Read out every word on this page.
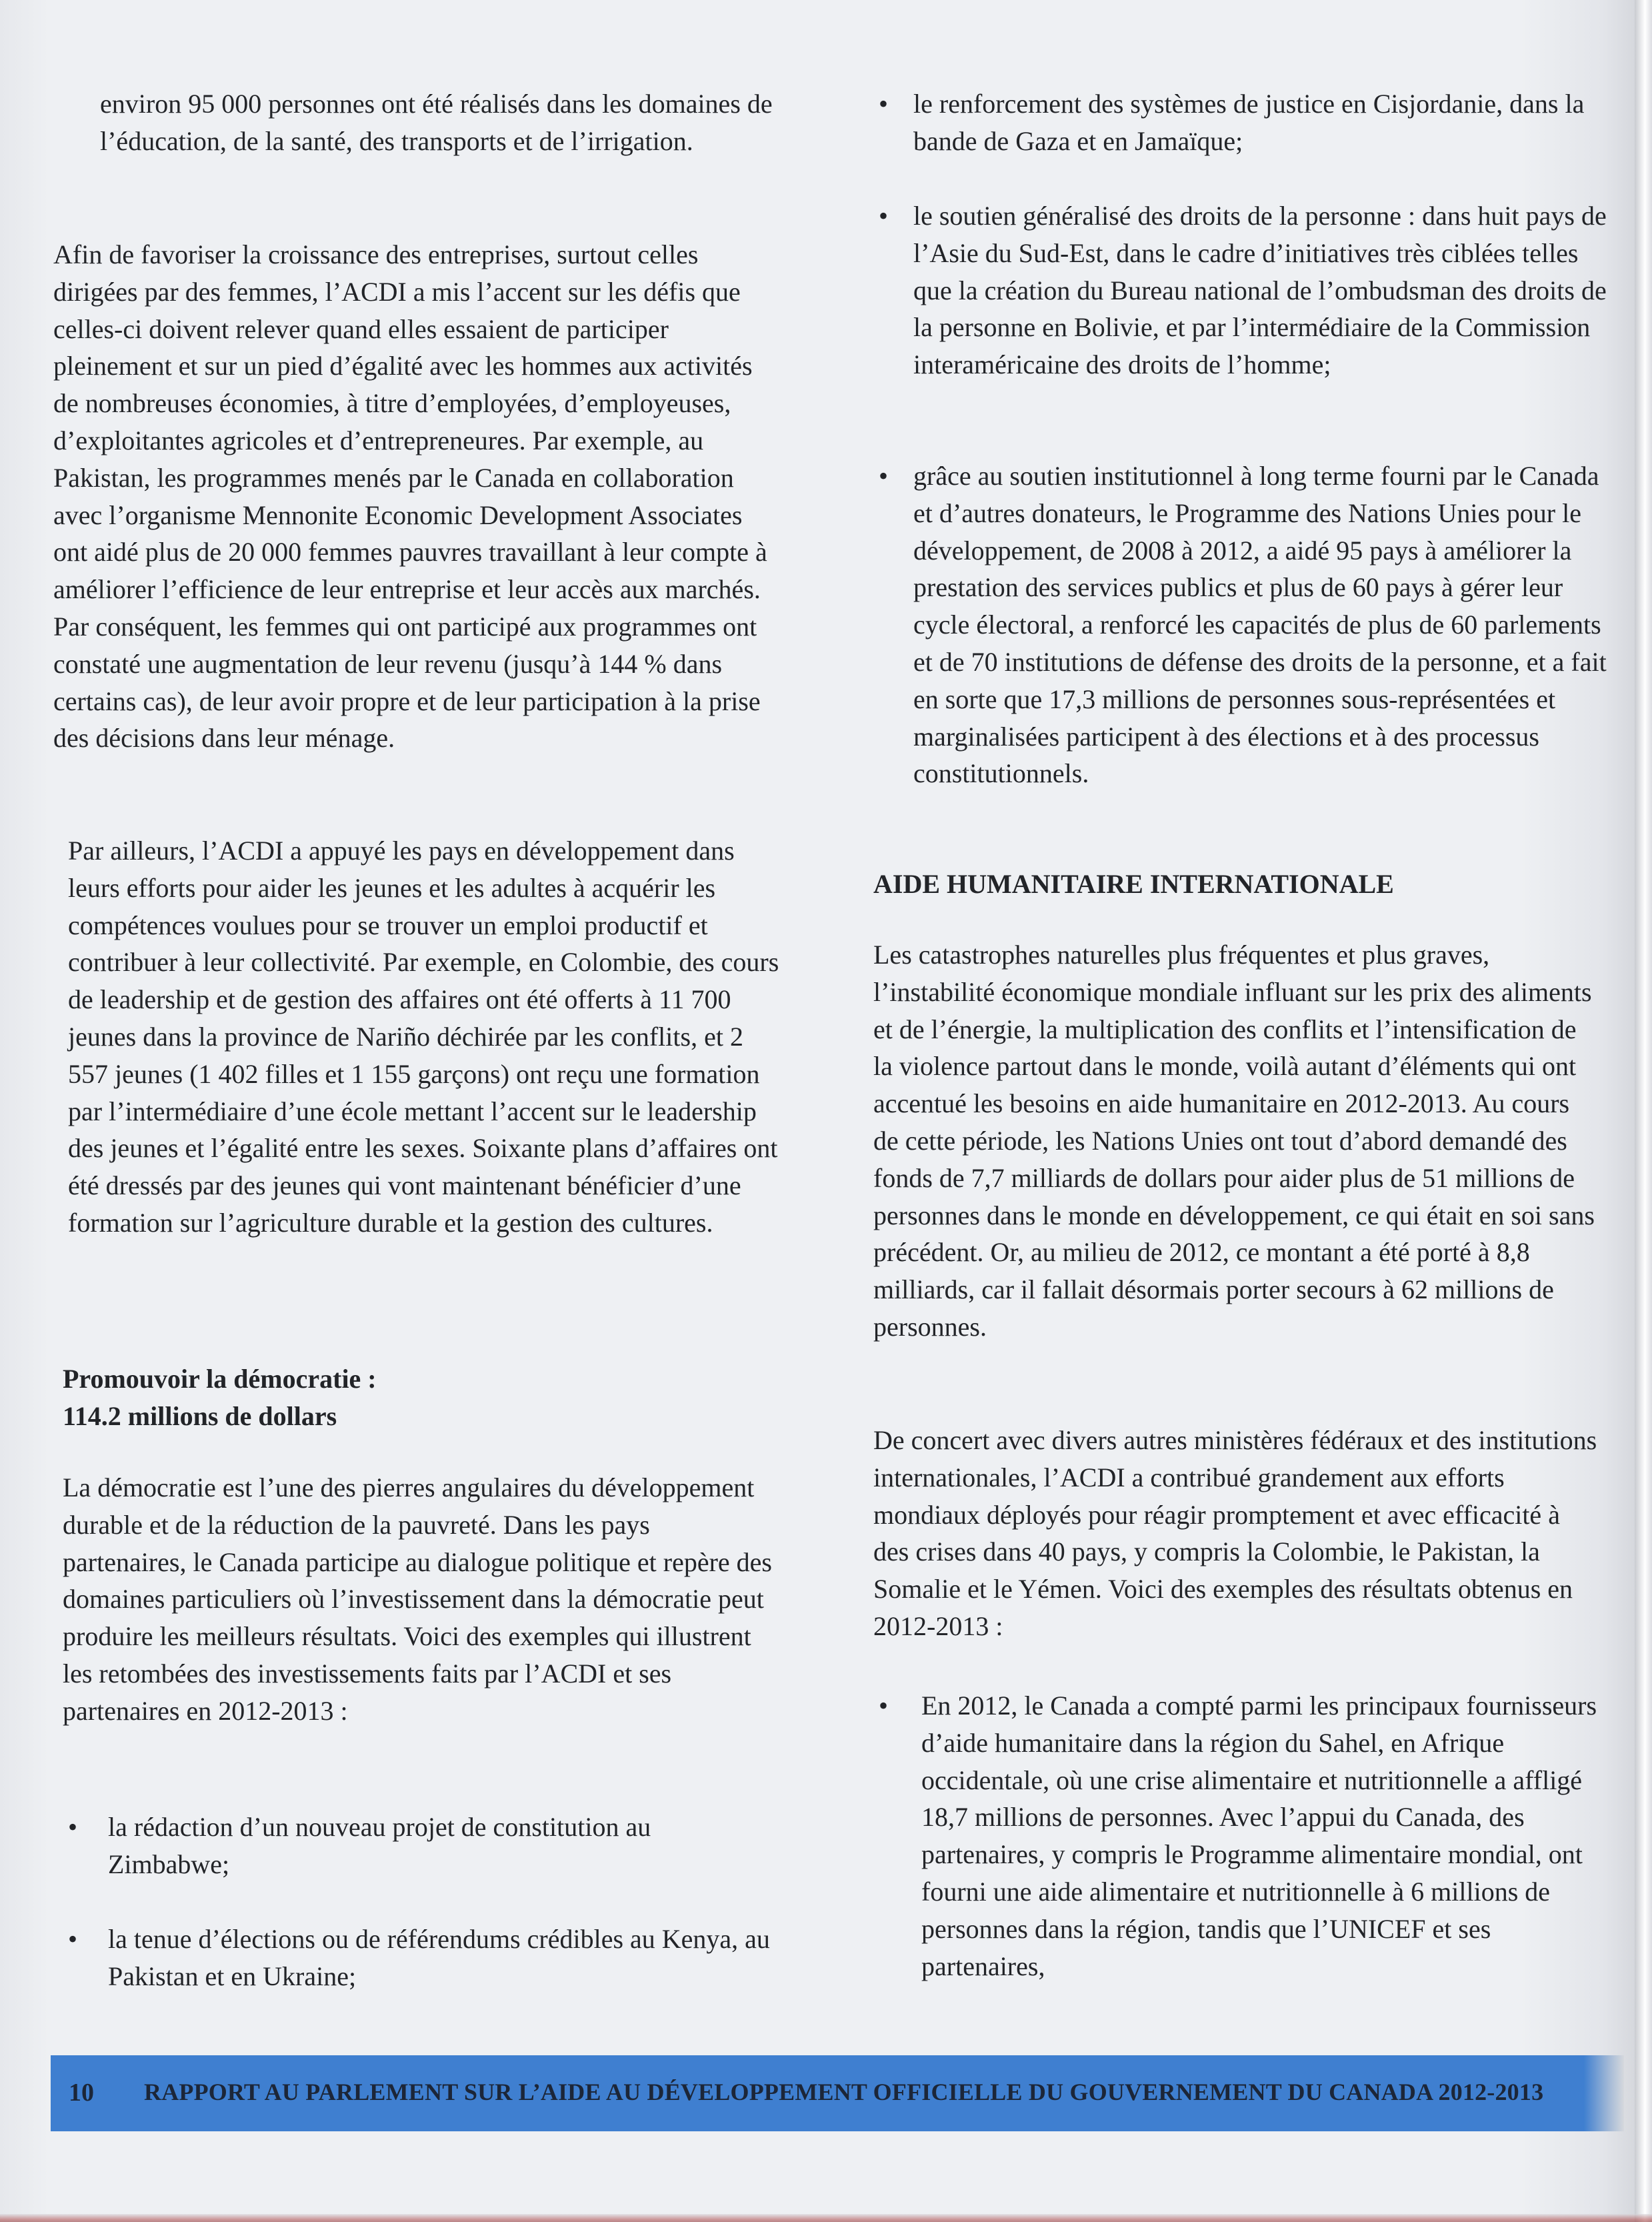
environ 95 000 personnes ont été réalisés dans les domaines de l’éducation, de la santé, des transports et de l’irrigation.

Afin de favoriser la croissance des entreprises, surtout celles dirigées par des femmes, l’ACDI a mis l’accent sur les défis que celles-ci doivent relever quand elles essaient de participer pleinement et sur un pied d’égalité avec les hommes aux activités de nombreuses économies, à titre d’employées, d’employeuses, d’exploitantes agricoles et d’entrepreneures. Par exemple, au Pakistan, les programmes menés par le Canada en collaboration avec l’organisme Mennonite Economic Development Associates ont aidé plus de 20 000 femmes pauvres travaillant à leur compte à améliorer l’efficience de leur entreprise et leur accès aux marchés. Par conséquent, les femmes qui ont participé aux programmes ont constaté une augmentation de leur revenu (jusqu’à 144 % dans certains cas), de leur avoir propre et de leur participation à la prise des décisions dans leur ménage.

Par ailleurs, l’ACDI a appuyé les pays en développement dans leurs efforts pour aider les jeunes et les adultes à acquérir les compétences voulues pour se trouver un emploi productif et contribuer à leur collectivité. Par exemple, en Colombie, des cours de leadership et de gestion des affaires ont été offerts à 11 700 jeunes dans la province de Nariño déchirée par les conflits, et 2 557 jeunes (1 402 filles et 1 155 garçons) ont reçu une formation par l’intermédiaire d’une école mettant l’accent sur le leadership des jeunes et l’égalité entre les sexes. Soixante plans d’affaires ont été dressés par des jeunes qui vont maintenant bénéficier d’une formation sur l’agriculture durable et la gestion des cultures.

Promouvoir la démocratie :

114.2 millions de dollars

La démocratie est l’une des pierres angulaires du développement durable et de la réduction de la pauvreté. Dans les pays partenaires, le Canada participe au dialogue politique et repère des domaines particuliers où l’investissement dans la démocratie peut produire les meilleurs résultats. Voici des exemples qui illustrent les retombées des investissements faits par l’ACDI et ses partenaires en 2012-2013 :

• la rédaction d’un nouveau projet de constitution au Zimbabwe;
• la tenue d’élections ou de référendums crédibles au Kenya, au Pakistan et en Ukraine;
• le renforcement des systèmes de justice en Cisjordanie, dans la bande de Gaza et en Jamaïque;
• le soutien généralisé des droits de la personne : dans huit pays de l’Asie du Sud-Est, dans le cadre d’initiatives très ciblées telles que la création du Bureau national de l’ombudsman des droits de la personne en Bolivie, et par l’intermédiaire de la Commission interaméricaine des droits de l’homme;
• grâce au soutien institutionnel à long terme fourni par le Canada et d’autres donateurs, le Programme des Nations Unies pour le développement, de 2008 à 2012, a aidé 95 pays à améliorer la prestation des services publics et plus de 60 pays à gérer leur cycle électoral, a renforcé les capacités de plus de 60 parlements et de 70 institutions de défense des droits de la personne, et a fait en sorte que 17,3 millions de personnes sous-représentées et marginalisées participent à des élections et à des processus constitutionnels.

AIDE HUMANITAIRE INTERNATIONALE

Les catastrophes naturelles plus fréquentes et plus graves, l’instabilité économique mondiale influant sur les prix des aliments et de l’énergie, la multiplication des conflits et l’intensification de la violence partout dans le monde, voilà autant d’éléments qui ont accentué les besoins en aide humanitaire en 2012-2013. Au cours de cette période, les Nations Unies ont tout d’abord demandé des fonds de 7,7 milliards de dollars pour aider plus de 51 millions de personnes dans le monde en développement, ce qui était en soi sans précédent. Or, au milieu de 2012, ce montant a été porté à 8,8 milliards, car il fallait désormais porter secours à 62 millions de personnes.

De concert avec divers autres ministères fédéraux et des institutions internationales, l’ACDI a contribué grandement aux efforts mondiaux déployés pour réagir promptement et avec efficacité à des crises dans 40 pays, y compris la Colombie, le Pakistan, la Somalie et le Yémen. Voici des exemples des résultats obtenus en 2012-2013 :

• En 2012, le Canada a compté parmi les principaux fournisseurs d’aide humanitaire dans la région du Sahel, en Afrique occidentale, où une crise alimentaire et nutritionnelle a affligé 18,7 millions de personnes. Avec l’appui du Canada, des partenaires, y compris le Programme alimentaire mondial, ont fourni une aide alimentaire et nutritionnelle à 6 millions de personnes dans la région, tandis que l’UNICEF et ses partenaires,
10 RAPPORT AU PARLEMENT SUR L’AIDE AU DÉVELOPPEMENT OFFICIELLE DU GOUVERNEMENT DU CANADA 2012-2013
